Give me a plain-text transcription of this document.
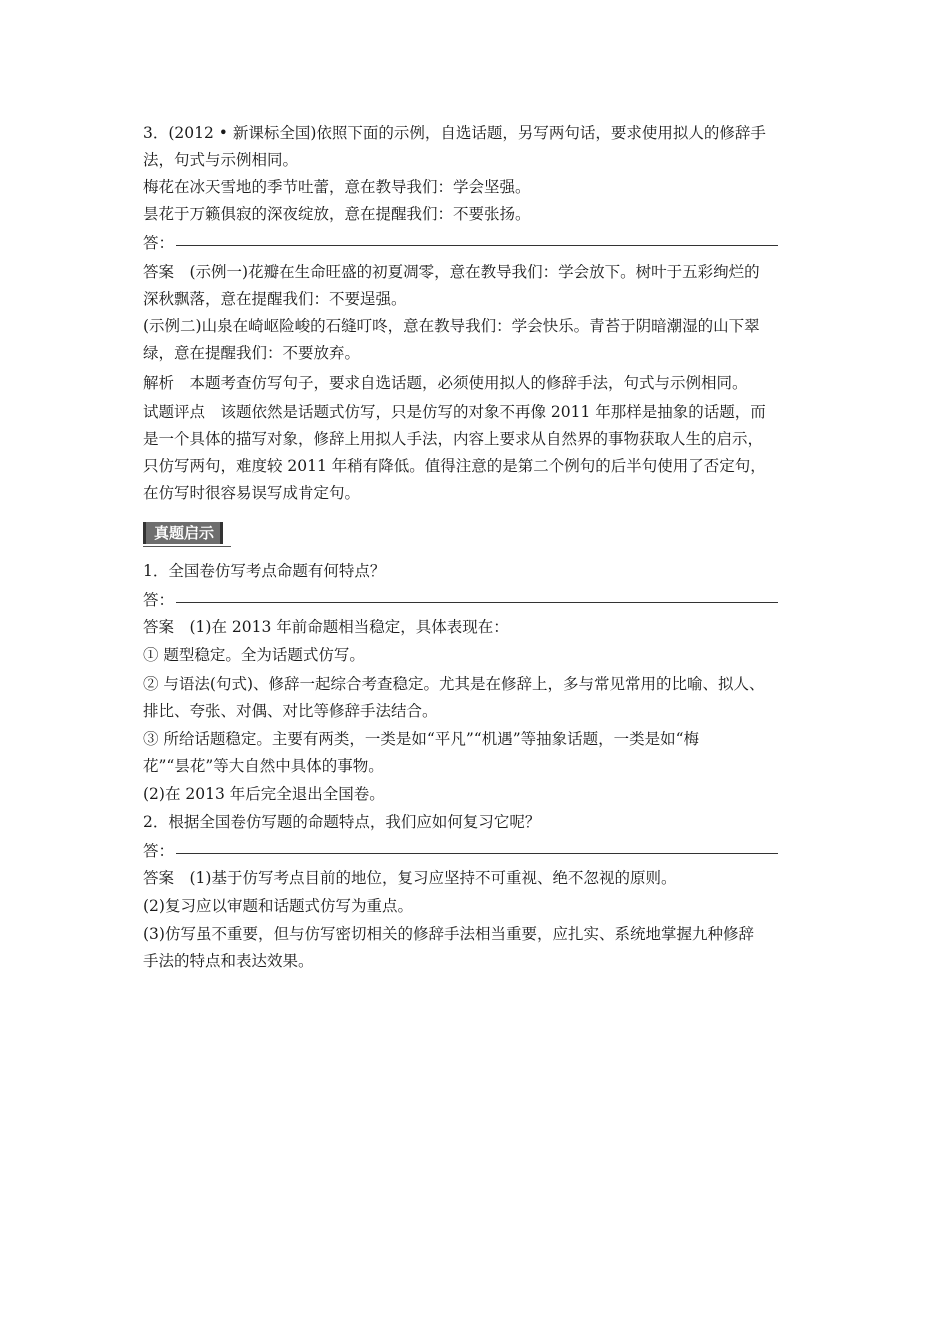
3．(2012 • 新课标全国)依照下面的示例，自选话题，另写两句话，要求使用拟人的修辞手
法，句式与示例相同。
梅花在冰天雪地的季节吐蕾，意在教导我们：学会坚强。
昙花于万籁俱寂的深夜绽放，意在提醒我们：不要张扬。
答：
答案　(示例一)花瓣在生命旺盛的初夏凋零，意在教导我们：学会放下。树叶于五彩绚烂的
深秋飘落，意在提醒我们：不要逞强。
(示例二)山泉在崎岖险峻的石缝叮咚，意在教导我们：学会快乐。青苔于阴暗潮湿的山下翠
绿，意在提醒我们：不要放弃。
解析　本题考查仿写句子，要求自选话题，必须使用拟人的修辞手法，句式与示例相同。
试题评点　该题依然是话题式仿写，只是仿写的对象不再像 2011 年那样是抽象的话题，而
是一个具体的描写对象，修辞上用拟人手法，内容上要求从自然界的事物获取人生的启示，
只仿写两句，难度较 2011 年稍有降低。值得注意的是第二个例句的后半句使用了否定句，
在仿写时很容易误写成肯定句。
真题启示
1．全国卷仿写考点命题有何特点？
答：
答案　(1)在 2013 年前命题相当稳定，具体表现在：
① 题型稳定。全为话题式仿写。
② 与语法(句式)、修辞一起综合考查稳定。尤其是在修辞上，多与常见常用的比喻、拟人、
排比、夸张、对偶、对比等修辞手法结合。
③ 所给话题稳定。主要有两类，一类是如“平凡”“机遇”等抽象话题，一类是如“梅
花”“昙花”等大自然中具体的事物。
(2)在 2013 年后完全退出全国卷。
2．根据全国卷仿写题的命题特点，我们应如何复习它呢？
答：
答案　(1)基于仿写考点目前的地位，复习应坚持不可重视、绝不忽视的原则。
(2)复习应以审题和话题式仿写为重点。
(3)仿写虽不重要，但与仿写密切相关的修辞手法相当重要，应扎实、系统地掌握九种修辞
手法的特点和表达效果。
